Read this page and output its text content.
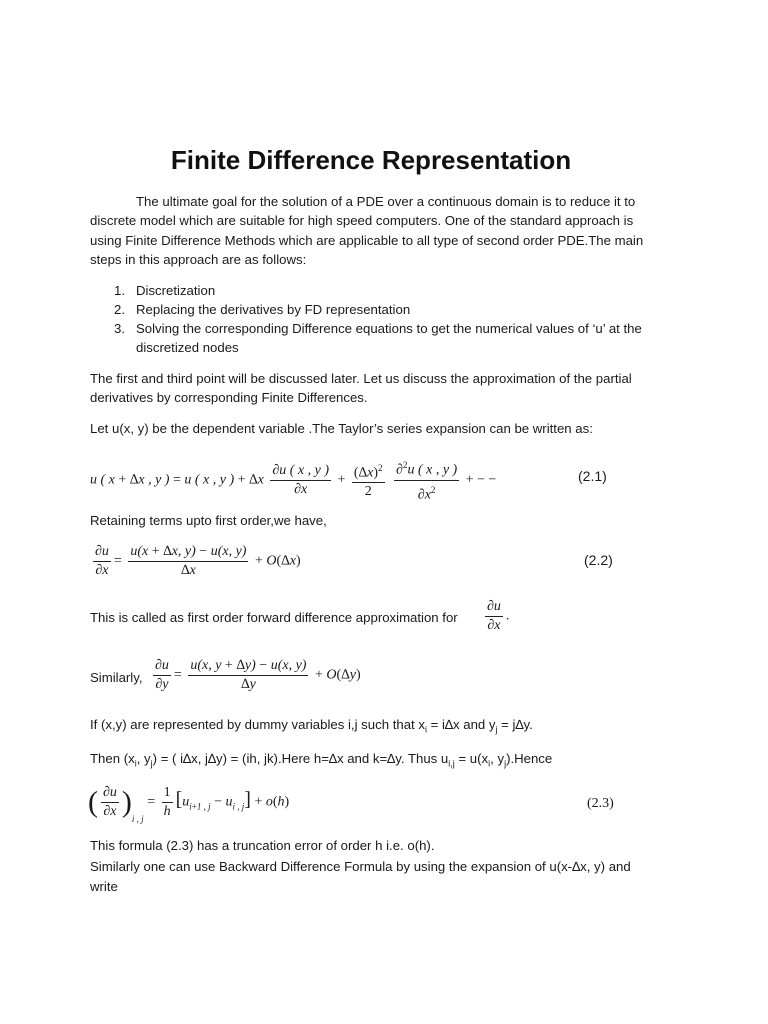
Finite Difference Representation
The ultimate goal for the solution of a PDE over a continuous domain is to reduce it to
discrete model which are suitable for high speed computers. One of the standard approach is
using Finite Difference Methods which are applicable to all type of second order PDE.The main
steps in this approach are as follows:
1. Discretization
2. Replacing the derivatives by FD representation
3. Solving the corresponding Difference equations to get the numerical values of ‘u’ at the
discretized nodes
The first and third point will be discussed later. Let us discuss the approximation of the partial
derivatives by corresponding Finite Differences.
Let u(x, y) be the dependent variable .The Taylor’s series expansion can be written as:
u ( x + ∆x , y ) = u ( x , y ) + $\Delta x \frac{\partial u ( x , y )}{\partial x} + \frac{(\Delta x)^2}{2}$
$\frac{\partial^2u ( x , y )}{\partial x^2}$ + − −	(2.1)
Retaining terms upto first order,we have,
$\frac{\partial u}{\partial x} = \frac{u(x + \Delta x, y) - u(x, y)}{\Delta x} + O(\Delta x)$	(2.2)
This is called as first order forward difference approximation for $\frac{\partial u}{\partial x}$ .
Similarly, $\frac{\partial u}{\partial y} = \frac{u(x, y + \Delta y) - u(x, y)}{\Delta y} + O(\Delta y)$
If (x,y) are represented by dummy variables i,j such that $x_i = i\Delta x$ and $y_j = j\Delta y$.
Then ($x_i$, $y_j$) = ( i∆x, j∆y) = (ih, jk).Here h=∆x and k=∆y. Thus $u_{i,j} = u(x_i$, $y_j).Hence$
( $\frac{\partial u}{\partial x} )_{i , j} = \frac{1}{h} [u_{i+1 , j} - u_{i , j}] + o(h)$	(2.3)
This formula (2.3) has a truncation error of order h i.e. o(h).
Similarly one can use Backward Difference Formula by using the expansion of u(x-∆x, y) and
write
